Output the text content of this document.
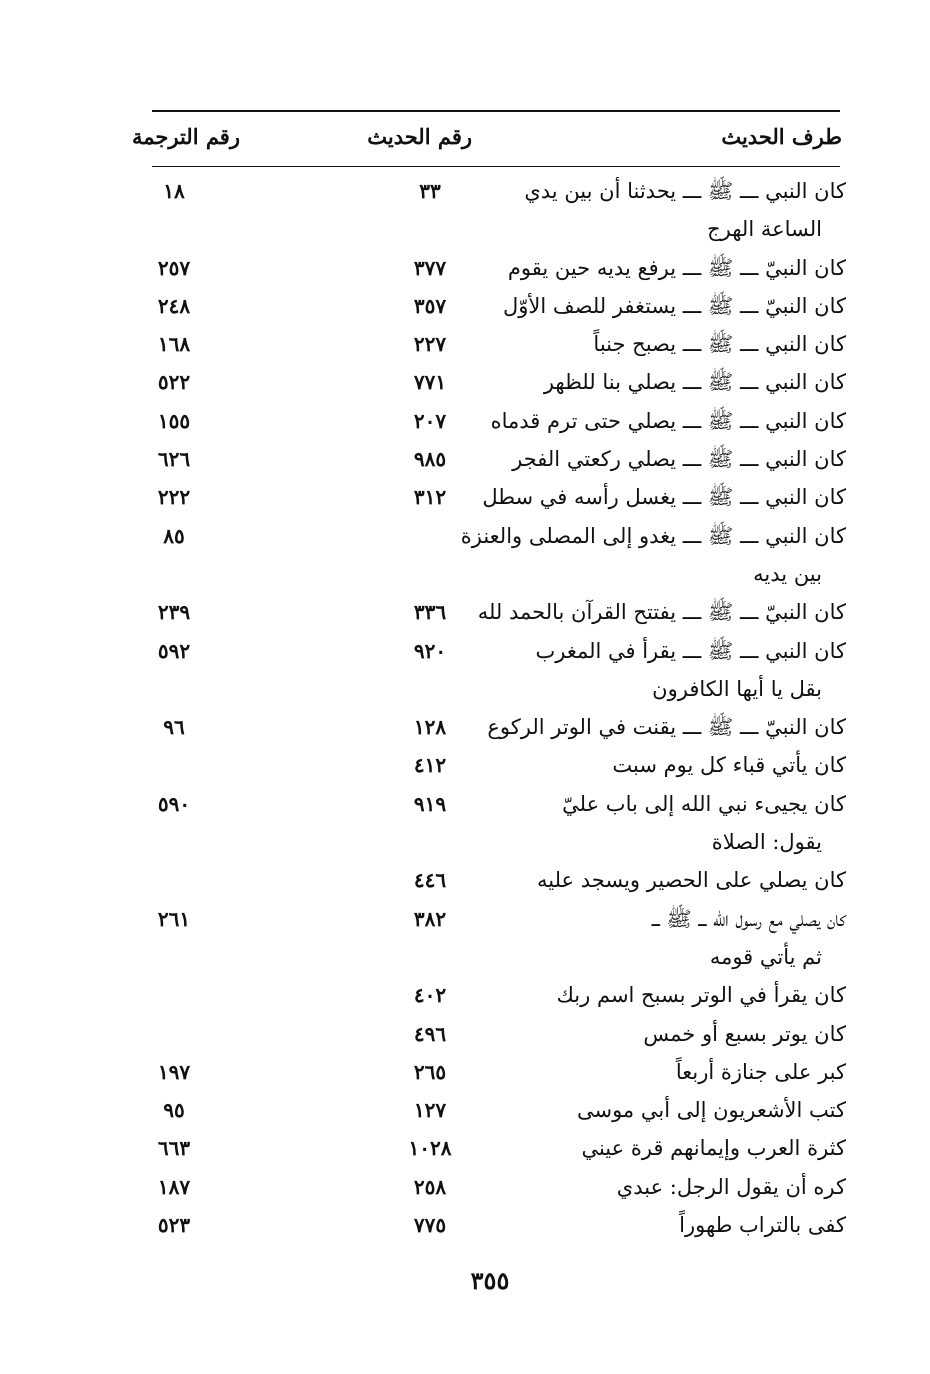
طرف الحديث
رقم الحديث
رقم الترجمة
كان النبي ـــ ﷺ ـــ يحدثنا أن بين يدي
٣٣
١٨
الساعة الهرج
كان النبيّ ـــ ﷺ ـــ يرفع يديه حين يقوم
٣٧٧
٢٥٧
كان النبيّ ـــ ﷺ ـــ يستغفر للصف الأوّل
٣٥٧
٢٤٨
كان النبي ـــ ﷺ ـــ يصبح جنباً
٢٢٧
١٦٨
كان النبي ـــ ﷺ ـــ يصلي بنا للظهر
٧٧١
٥٢٢
كان النبي ـــ ﷺ ـــ يصلي حتى ترم قدماه
٢٠٧
١٥٥
كان النبي ـــ ﷺ ـــ يصلي ركعتي الفجر
٩٨٥
٦٢٦
كان النبي ـــ ﷺ ـــ يغسل رأسه في سطل
٣١٢
٢٢٢
كان النبي ـــ ﷺ ـــ يغدو إلى المصلى والعنزة
٨٥
بين يديه
كان النبيّ ـــ ﷺ ـــ يفتتح القرآن بالحمد لله
٣٣٦
٢٣٩
كان النبي ـــ ﷺ ـــ يقرأ في المغرب
٩٢٠
٥٩٢
بقل يا أيها الكافرون
كان النبيّ ـــ ﷺ ـــ يقنت في الوتر الركوع
١٢٨
٩٦
كان يأتي قباء كل يوم سبت
٤١٢
كان يجيىء نبي الله إلى باب عليّ
٩١٩
٥٩٠
يقول: الصلاة
كان يصلي على الحصير ويسجد عليه
٤٤٦
كان يصلي مع رسول الله ـــ ﷺ ـــ
٣٨٢
٢٦١
ثم يأتي قومه
كان يقرأ في الوتر بسبح اسم ربك
٤٠٢
كان يوتر بسبع أو خمس
٤٩٦
كبر على جنازة أربعاً
٢٦٥
١٩٧
كتب الأشعريون إلى أبي موسى
١٢٧
٩٥
كثرة العرب وإيمانهم قرة عيني
١٠٢٨
٦٦٣
كره أن يقول الرجل: عبدي
٢٥٨
١٨٧
كفى بالتراب طهوراً
٧٧٥
٥٢٣
٣٥٥
